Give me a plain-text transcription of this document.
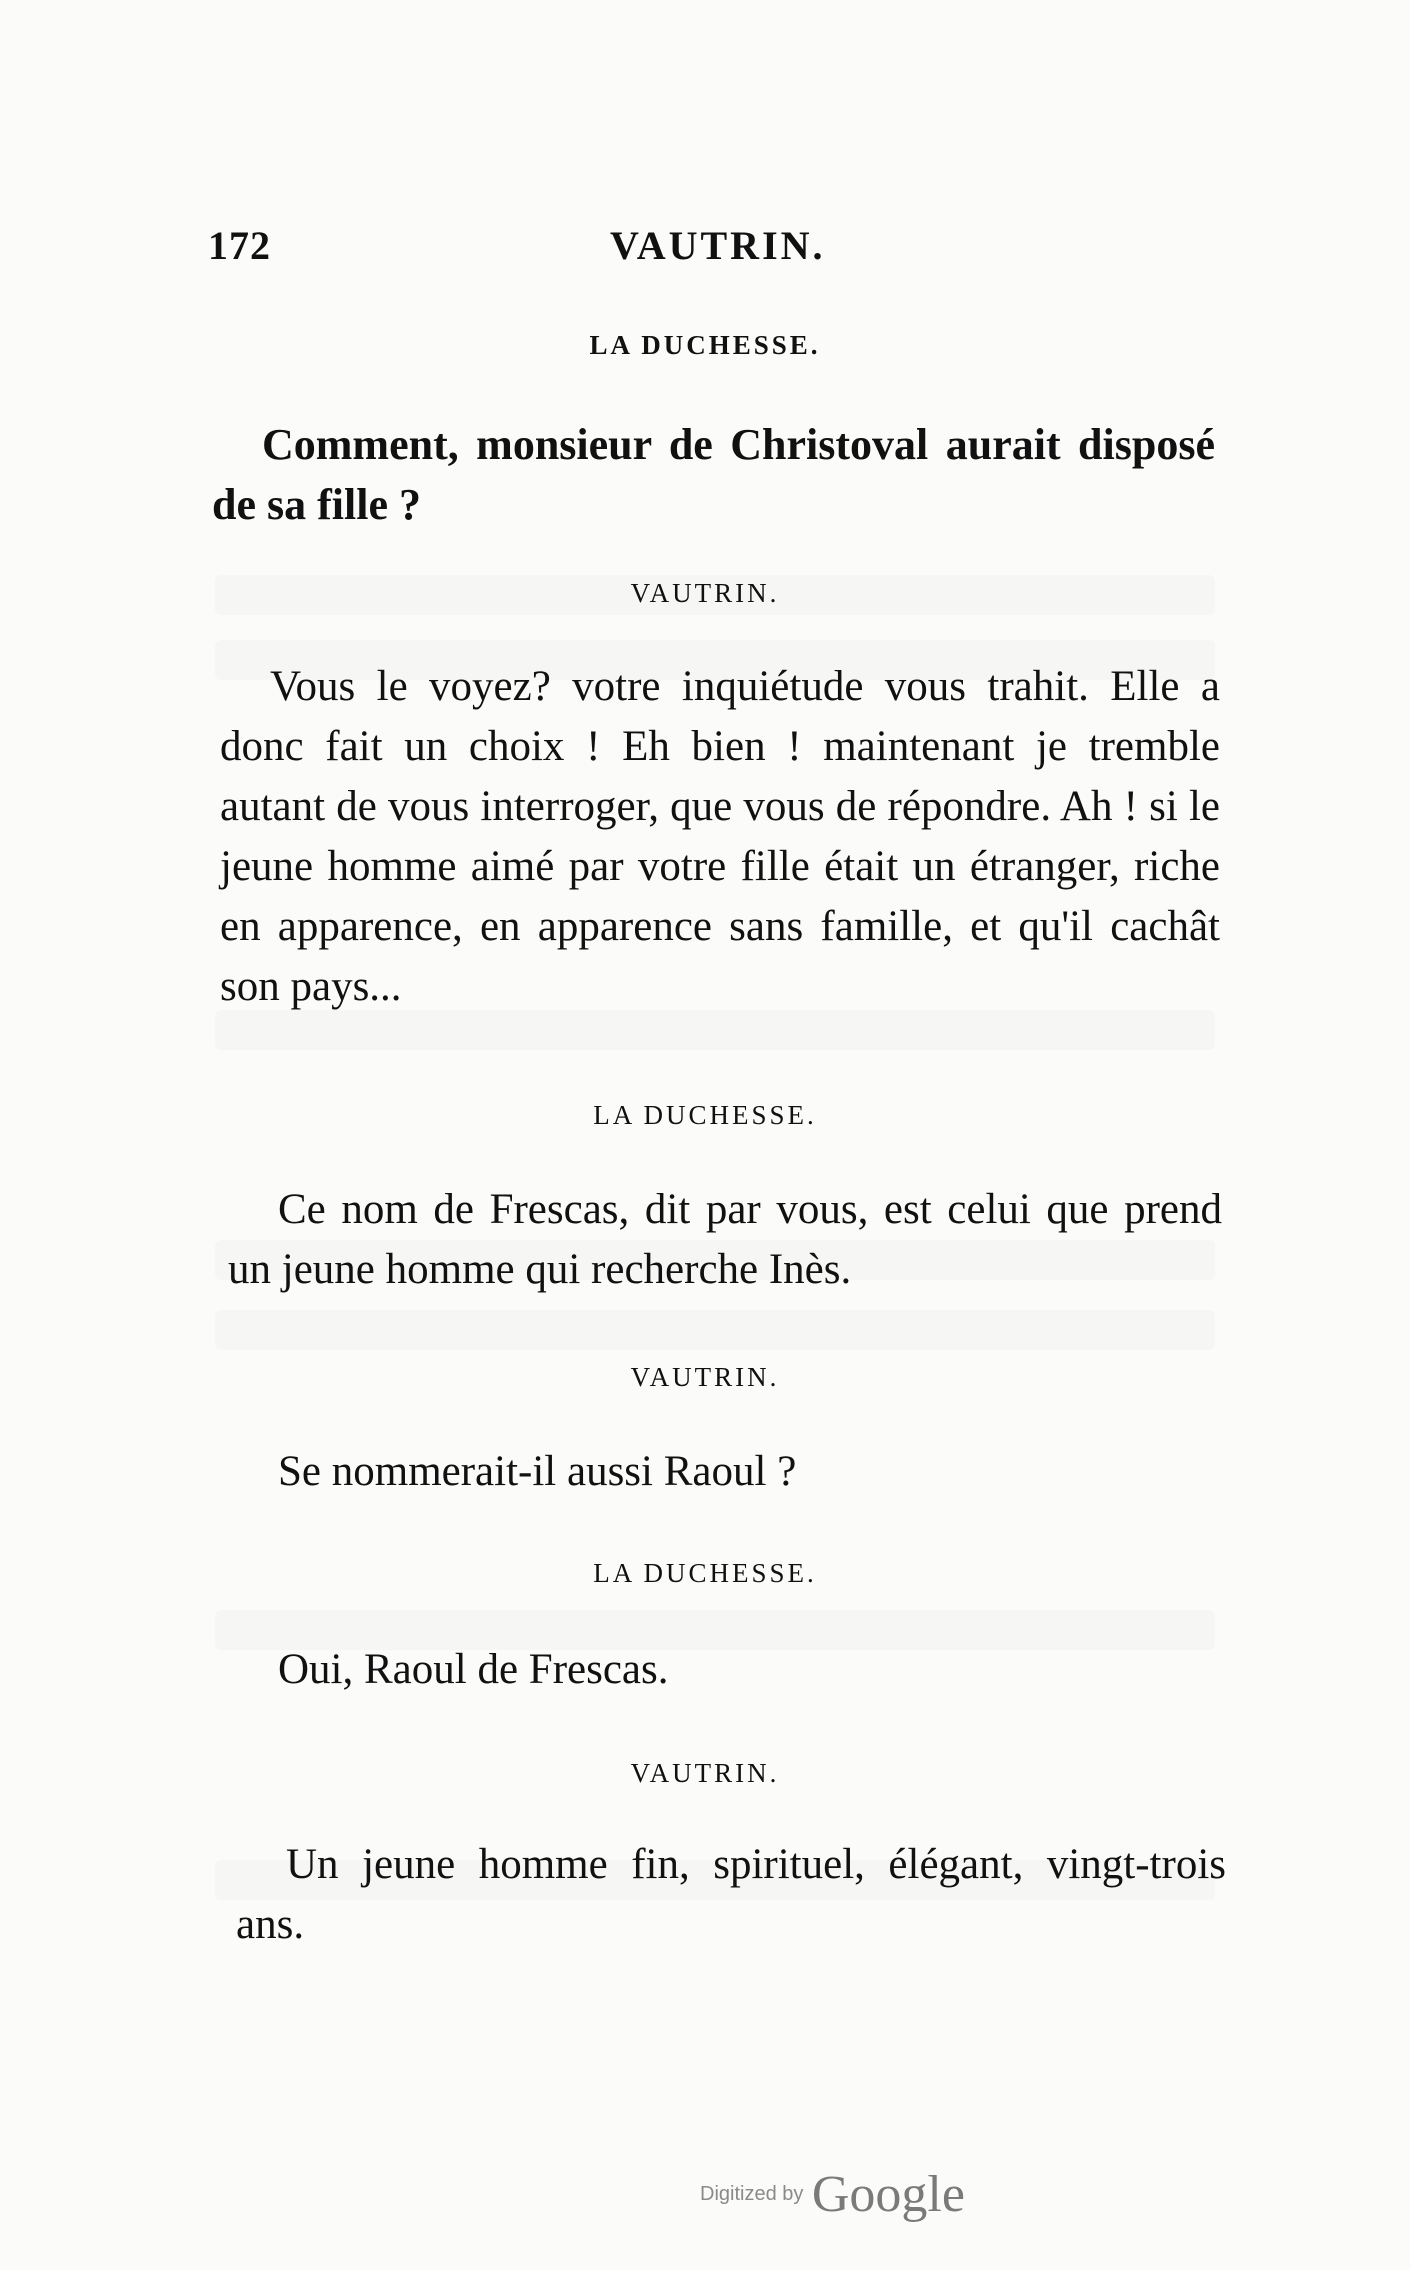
172	VAUTRIN.
LA DUCHESSE.

Comment, monsieur de Christoval aurait disposé de sa fille ?

VAUTRIN.

Vous le voyez? votre inquiétude vous trahit. Elle a donc fait un choix ! Eh bien ! maintenant je tremble autant de vous interroger, que vous de répondre. Ah ! si le jeune homme aimé par votre fille était un étranger, riche en apparence, en apparence sans famille, et qu'il cachât son pays...

LA DUCHESSE.

Ce nom de Frescas, dit par vous, est celui que prend un jeune homme qui recherche Inès.

VAUTRIN.

Se nommerait-il aussi Raoul ?

LA DUCHESSE.

Oui, Raoul de Frescas.

VAUTRIN.

Un jeune homme fin, spirituel, élégant, vingt-trois ans.

Digitized by Google
